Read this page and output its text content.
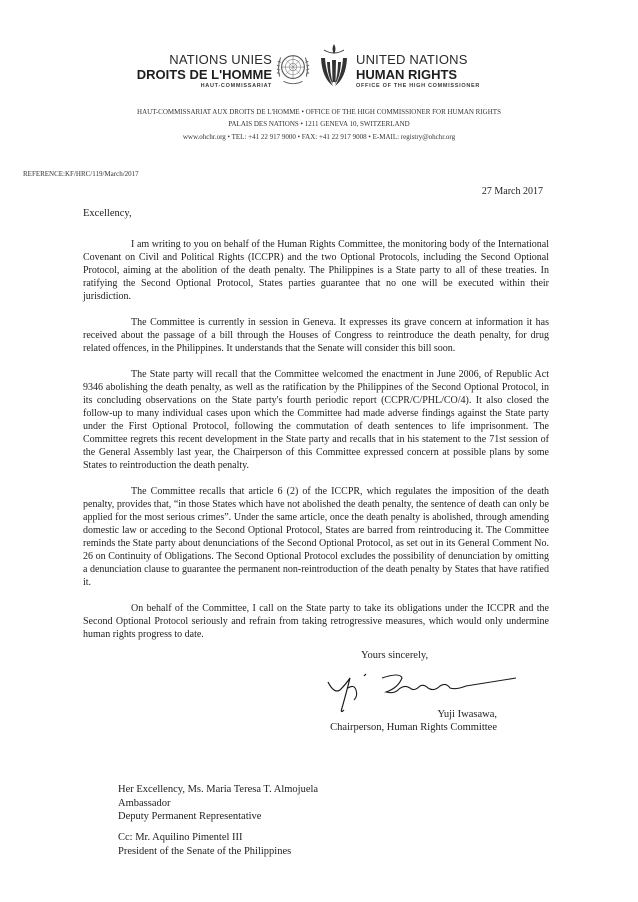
NATIONS UNIES
DROITS DE L'HOMME
HAUT-COMMISSARIAT
UNITED NATIONS
HUMAN RIGHTS
OFFICE OF THE HIGH COMMISSIONER
HAUT-COMMISSARIAT AUX DROITS DE L'HOMME • OFFICE OF THE HIGH COMMISSIONER FOR HUMAN RIGHTS
PALAIS DES NATIONS • 1211 GENEVA 10, SWITZERLAND
www.ohchr.org • TEL: +41 22 917 9000 • FAX: +41 22 917 9008 • E-MAIL: registry@ohchr.org
REFERENCE:KF/HRC/119/March/2017
27 March 2017
Excellency,

I am writing to you on behalf of the Human Rights Committee, the monitoring body of the International Covenant on Civil and Political Rights (ICCPR) and the two Optional Protocols, including the Second Optional Protocol, aiming at the abolition of the death penalty. The Philippines is a State party to all of these treaties. In ratifying the Second Optional Protocol, States parties guarantee that no one will be executed within their jurisdiction.

The Committee is currently in session in Geneva. It expresses its grave concern at information it has received about the passage of a bill through the Houses of Congress to reintroduce the death penalty, for drug related offences, in the Philippines. It understands that the Senate will consider this bill soon.

The State party will recall that the Committee welcomed the enactment in June 2006, of Republic Act 9346 abolishing the death penalty, as well as the ratification by the Philippines of the Second Optional Protocol, in its concluding observations on the State party's fourth periodic report (CCPR/C/PHL/CO/4). It also closed the follow-up to many individual cases upon which the Committee had made adverse findings against the State party under the First Optional Protocol, following the commutation of death sentences to life imprisonment. The Committee regrets this recent development in the State party and recalls that in his statement to the 71st session of the General Assembly last year, the Chairperson of this Committee expressed concern at possible plans by some States to reintroduction the death penalty.

The Committee recalls that article 6 (2) of the ICCPR, which regulates the imposition of the death penalty, provides that, “in those States which have not abolished the death penalty, the sentence of death can only be applied for the most serious crimes”. Under the same article, once the death penalty is abolished, through amending domestic law or acceding to the Second Optional Protocol, States are barred from reintroducing it. The Committee reminds the State party about denunciations of the Second Optional Protocol, as set out in its General Comment No. 26 on Continuity of Obligations. The Second Optional Protocol excludes the possibility of denunciation by omitting a denunciation clause to guarantee the permanent non-reintroduction of the death penalty by States that have ratified it.

On behalf of the Committee, I call on the State party to take its obligations under the ICCPR and the Second Optional Protocol seriously and refrain from taking retrogressive measures, which would only undermine human rights progress to date.

Yours sincerely,
Yuji Iwasawa,
Chairperson, Human Rights Committee
Her Excellency, Ms. Maria Teresa T. Almojuela
Ambassador
Deputy Permanent Representative
Cc: Mr. Aquilino Pimentel III
President of the Senate of the Philippines
